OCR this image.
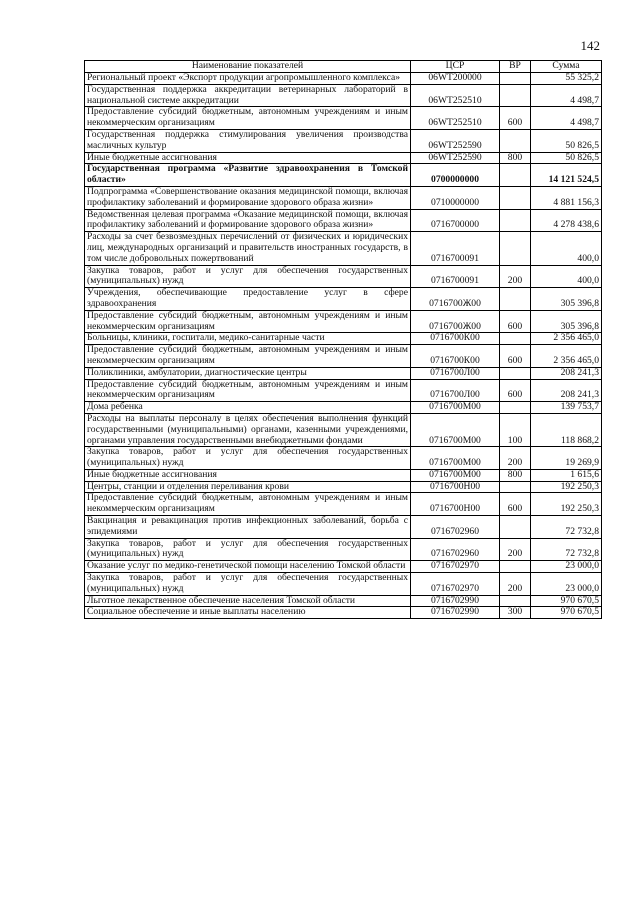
142
Наименование показателей	ЦСР	ВР	Сумма
Региональный проект «Экспорт продукции агропромышленного комплекса»	06WT200000		55 325,2
Государственная поддержка аккредитации ветеринарных лабораторий в национальной системе аккредитации	06WT252510		4 498,7
Предоставление субсидий бюджетным, автономным учреждениям и иным некоммерческим организациям	06WT252510	600	4 498,7
Государственная поддержка стимулирования увеличения производства масличных культур	06WT252590		50 826,5
Иные бюджетные ассигнования	06WT252590	800	50 826,5
Государственная программа «Развитие здравоохранения в Томской области»	0700000000		14 121 524,5
Подпрограмма «Совершенствование оказания медицинской помощи, включая профилактику заболеваний и формирование здорового образа жизни»	0710000000		4 881 156,3
Ведомственная целевая программа «Оказание медицинской помощи, включая профилактику заболеваний и формирование здорового образа жизни»	0716700000		4 278 438,6
Расходы за счет безвозмездных перечислений от физических и юридических лиц, международных организаций и правительств иностранных государств, в том числе добровольных пожертвований	0716700091		400,0
Закупка товаров, работ и услуг для обеспечения государственных (муниципальных) нужд	0716700091	200	400,0
Учреждения, обеспечивающие предоставление услуг в сфере здравоохранения	0716700Ж00		305 396,8
Предоставление субсидий бюджетным, автономным учреждениям и иным некоммерческим организациям	0716700Ж00	600	305 396,8
Больницы, клиники, госпитали, медико-санитарные части	0716700К00		2 356 465,0
Предоставление субсидий бюджетным, автономным учреждениям и иным некоммерческим организациям	0716700К00	600	2 356 465,0
Поликлиники, амбулатории, диагностические центры	0716700Л00		208 241,3
Предоставление субсидий бюджетным, автономным учреждениям и иным некоммерческим организациям	0716700Л00	600	208 241,3
Дома ребенка	0716700М00		139 753,7
Расходы на выплаты персоналу в целях обеспечения выполнения функций государственными (муниципальными) органами, казенными учреждениями, органами управления государственными внебюджетными фондами	0716700М00	100	118 868,2
Закупка товаров, работ и услуг для обеспечения государственных (муниципальных) нужд	0716700М00	200	19 269,9
Иные бюджетные ассигнования	0716700М00	800	1 615,6
Центры, станции и отделения переливания крови	0716700Н00		192 250,3
Предоставление субсидий бюджетным, автономным учреждениям и иным некоммерческим организациям	0716700Н00	600	192 250,3
Вакцинация и ревакцинация против инфекционных заболеваний, борьба с эпидемиями	0716702960		72 732,8
Закупка товаров, работ и услуг для обеспечения государственных (муниципальных) нужд	0716702960	200	72 732,8
Оказание услуг по медико-генетической помощи населению Томской области	0716702970		23 000,0
Закупка товаров, работ и услуг для обеспечения государственных (муниципальных) нужд	0716702970	200	23 000,0
Льготное лекарственное обеспечение населения Томской области	0716702990		970 670,5
Социальное обеспечение и иные выплаты населению	0716702990	300	970 670,5
